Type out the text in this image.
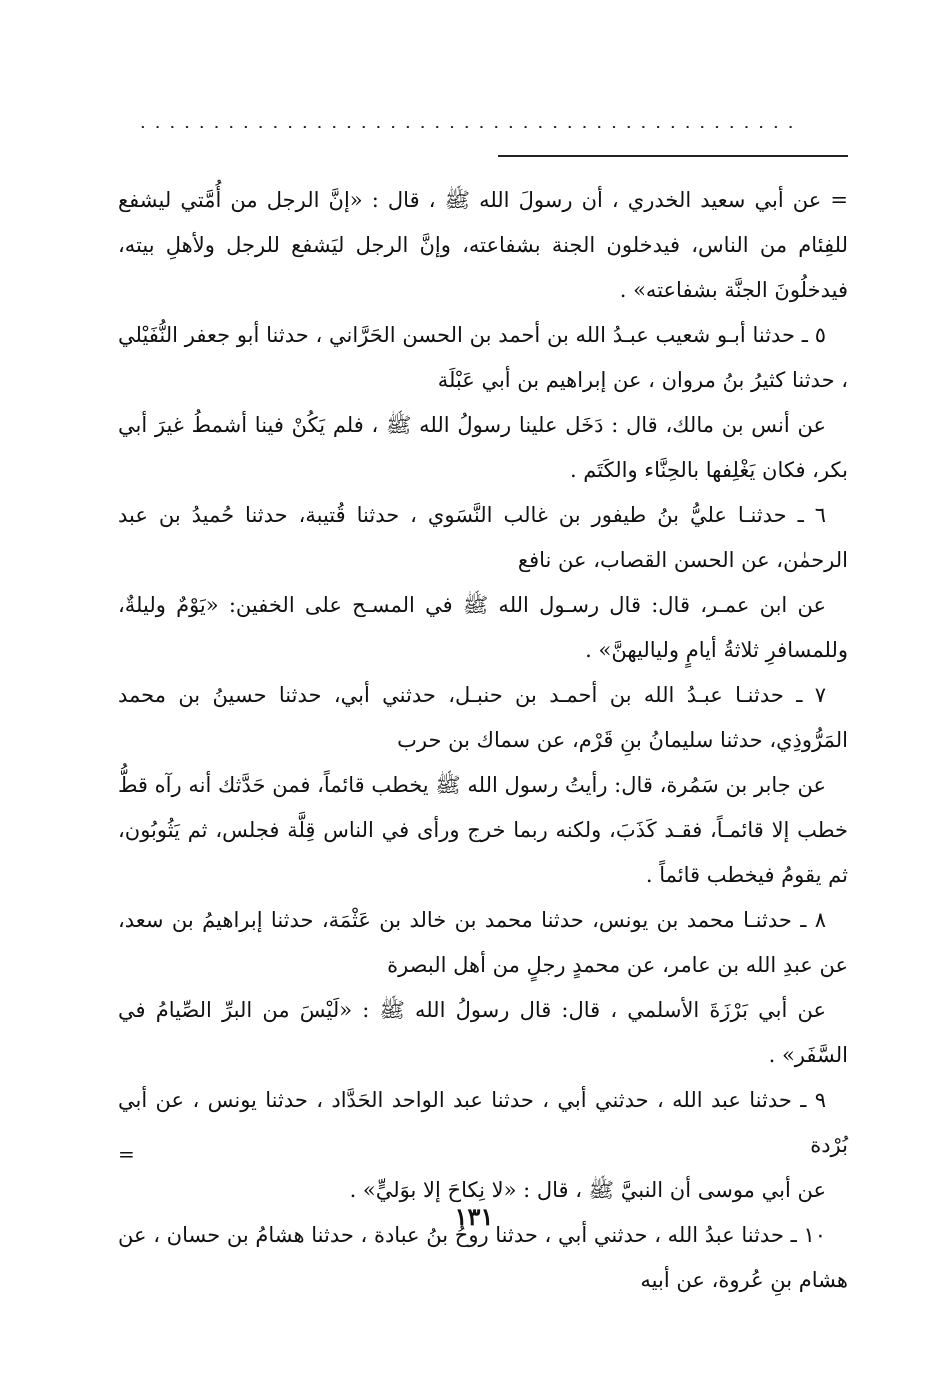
.............................................

= عن أبي سعيد الخدري ، أن رسولَ الله ﷺ ، قال : «إنَّ الرجل من أُمَّتي ليشفع للفِئام من الناس، فيدخلون الجنة بشفاعته، وإنَّ الرجل ليَشفع للرجل ولأهلِ بيته، فيدخلُونَ الجنَّة بشفاعته» .

٥ ـ حدثنا أبـو شعيب عبـدُ الله بن أحمد بن الحسن الحَرَّاني ، حدثنا أبو جعفر النُّفَيْلي ، حدثنا كثيرُ بنُ مروان ، عن إبراهيم بن أبي عَبْلَة

عن أنس بن مالك، قال : دَخَل علينا رسولُ الله ﷺ ، فلم يَكُنْ فينا أشمطُ غيرَ أبي بكر، فكان يَغْلِفها بالحِنَّاء والكَتَم .

٦ ـ حدثنـا عليُّ بنُ طيفور بن غالب النَّسَوي ، حدثنا قُتيبة، حدثنا حُميدُ بن عبد الرحمٰن، عن الحسن القصاب، عن نافع

عن ابن عمـر، قال: قال رسـول الله ﷺ في المسـح على الخفين: «يَوْمٌ وليلةٌ، وللمسافرِ ثلاثةُ أيامٍ ولياليهنَّ» .

٧ ـ حدثنـا عبـدُ الله بن أحمـد بن حنبـل، حدثني أبي، حدثنا حسينُ بن محمد المَرُّوذِي، حدثنا سليمانُ بنِ قَرْم، عن سماك بن حرب

عن جابر بن سَمُرة، قال: رأيتُ رسول الله ﷺ يخطب قائماً، فمن حَدَّثك أنه رآه قطُّ خطب إلا قائمـاً، فقـد كَذَبَ، ولكنه ربما خرج ورأى في الناس قِلَّة فجلس، ثم يَثُوبُون، ثم يقومُ فيخطب قائماً .

٨ ـ حدثنـا محمد بن يونس، حدثنا محمد بن خالد بن عَثْمَة، حدثنا إبراهيمُ بن سعد، عن عبدِ الله بن عامر، عن محمدٍ رجلٍ من أهل البصرة

عن أبي بَرْزَةَ الأسلمي ، قال: قال رسولُ الله ﷺ : «لَيْسَ من البرِّ الصِّيامُ في السَّفَر» .

٩ ـ حدثنا عبد الله ، حدثني أبي ، حدثنا عبد الواحد الحَدَّاد ، حدثنا يونس ، عن أبي بُرْدة

عن أبي موسى أن النبيَّ ﷺ ، قال : «لا نِكاحَ إلا بوَليٍّ» .

١٠ ـ حدثنا عبدُ الله ، حدثني أبي ، حدثنا روحُ بنُ عبادة ، حدثنا هشامُ بن حسان ، عن هشام بنِ عُروة، عن أبيه

=
١٣١
